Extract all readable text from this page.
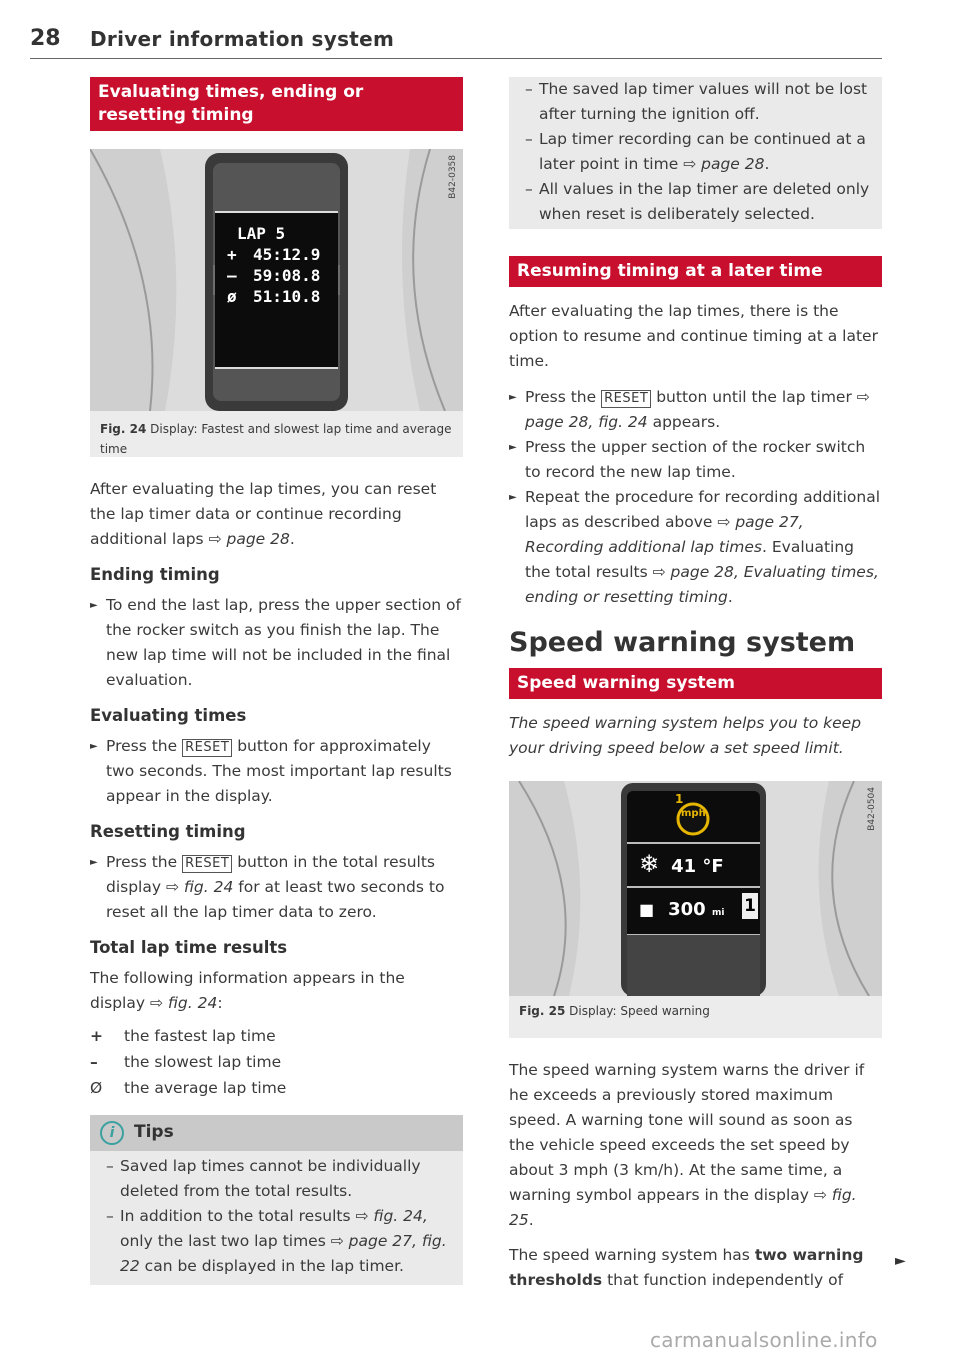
28 Driver information system
Evaluating times, ending or resetting timing
LAP 5
+ 45:12.9
– 59:08.8
ø 51:10.8
B42-0358
Fig. 24 Display: Fastest and slowest lap time and average time

After evaluating the lap times, you can reset the lap timer data or continue recording additional laps ⇨ page 28.

Ending timing

► To end the last lap, press the upper section of the rocker switch as you finish the lap. The new lap time will not be included in the final evaluation.

Evaluating times

► Press the RESET button for approximately two seconds. The most important lap results appear in the display.

Resetting timing

► Press the RESET button in the total results display ⇨ fig. 24 for at least two seconds to reset all the lap timer data to zero.

Total lap time results

The following information appears in the display ⇨ fig. 24:

+ the fastest lap time

– the slowest lap time

Ø the average lap time

i Tips

– Saved lap times cannot be individually deleted from the total results.

– In addition to the total results ⇨ fig. 24, only the last two lap times ⇨ page 27, fig. 22 can be displayed in the lap timer.

– The saved lap timer values will not be lost after turning the ignition off.

– Lap timer recording can be continued at a later point in time ⇨ page 28.

– All values in the lap timer are deleted only when reset is deliberately selected.

Resuming timing at a later time

After evaluating the lap times, there is the option to resume and continue timing at a later time.

► Press the RESET button until the lap timer ⇨ page 28, fig. 24 appears.

► Press the upper section of the rocker switch to record the new lap time.

► Repeat the procedure for recording additional laps as described above ⇨ page 27, Recording additional lap times. Evaluating the total results ⇨ page 28, Evaluating times, ending or resetting timing.

Speed warning system

Speed warning system

The speed warning system helps you to keep your driving speed below a set speed limit.

1
mph
❄ 41 °F
■ 300 mi 1
B42-0504
Fig. 25 Display: Speed warning

The speed warning system warns the driver if he exceeds a previously stored maximum speed. A warning tone will sound as soon as the vehicle speed exceeds the set speed by about 3 mph (3 km/h). At the same time, a warning symbol appears in the display ⇨ fig. 25.

The speed warning system has two warning thresholds that function independently of

►
carmanualsonline.info
